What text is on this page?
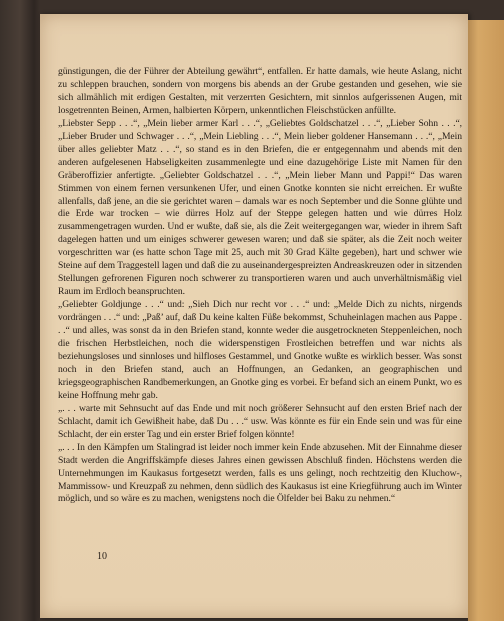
günstigungen, die der Führer der Abteilung gewährt“, entfallen. Er hatte damals, wie heute Aslang, nicht zu schleppen brauchen, sondern von morgens bis abends an der Grube gestanden und gesehen, wie sie sich allmählich mit erdigen Gestalten, mit verzerrten Gesichtern, mit sinnlos aufgerissenen Augen, mit losgetrennten Beinen, Armen, halbierten Körpern, unkenntlichen Fleischstücken anfüllte.

„Liebster Sepp . . .“, „Mein lieber armer Karl . . .“, „Geliebtes Goldschatzel . . .“, „Lieber Sohn . . .“, „Lieber Bruder und Schwager . . .“, „Mein Liebling . . .“, Mein lieber goldener Hansemann . . .“, „Mein über alles geliebter Matz . . .“, so stand es in den Briefen, die er entgegennahm und abends mit den anderen aufgelesenen Habseligkeiten zusammenlegte und eine dazugehörige Liste mit Namen für den Gräberoffizier anfertigte. „Geliebter Goldschatzel . . .“, „Mein lieber Mann und Pappi!“ Das waren Stimmen von einem fernen versunkenen Ufer, und einen Gnotke konnten sie nicht erreichen. Er wußte allenfalls, daß jene, an die sie gerichtet waren – damals war es noch September und die Sonne glühte und die Erde war trocken – wie dürres Holz auf der Steppe gelegen hatten und wie dürres Holz zusammengetragen wurden. Und er wußte, daß sie, als die Zeit weitergegangen war, wieder in ihrem Saft dagelegen hatten und um einiges schwerer gewesen waren; und daß sie später, als die Zeit noch weiter vorgeschritten war (es hatte schon Tage mit 25, auch mit 30 Grad Kälte gegeben), hart und schwer wie Steine auf dem Traggestell lagen und daß die zu auseinandergespreizten Andreaskreuzen oder in sitzenden Stellungen gefrorenen Figuren noch schwerer zu transportieren waren und auch unverhältnismäßig viel Raum im Erdloch beanspruchten.

„Geliebter Goldjunge . . .“ und: „Sieh Dich nur recht vor . . .“ und: „Melde Dich zu nichts, nirgends vordrängen . . .“ und: „Paß’ auf, daß Du keine kalten Füße bekommst, Schuheinlagen machen aus Pappe . . .“ und alles, was sonst da in den Briefen stand, konnte weder die ausgetrockneten Steppenleichen, noch die frischen Herbstleichen, noch die widerspenstigen Frostleichen betreffen und war nichts als beziehungsloses und sinnloses und hilfloses Gestammel, und Gnotke wußte es wirklich besser. Was sonst noch in den Briefen stand, auch an Hoffnungen, an Gedanken, an geographischen und kriegsgeographischen Randbemerkungen, an Gnotke ging es vorbei. Er befand sich an einem Punkt, wo es keine Hoffnung mehr gab.

„. . . warte mit Sehnsucht auf das Ende und mit noch größerer Sehnsucht auf den ersten Brief nach der Schlacht, damit ich Gewißheit habe, daß Du . . .“ usw. Was könnte es für ein Ende sein und was für eine Schlacht, der ein erster Tag und ein erster Brief folgen könnte!

„. . . In den Kämpfen um Stalingrad ist leider noch immer kein Ende abzusehen. Mit der Einnahme dieser Stadt werden die Angriffskämpfe dieses Jahres einen gewissen Abschluß finden. Höchstens werden die Unternehmungen im Kaukasus fortgesetzt werden, falls es uns gelingt, noch rechtzeitig den Kluchow-, Mammissow- und Kreuzpaß zu nehmen, denn südlich des Kaukasus ist eine Kriegführung auch im Winter möglich, und so wäre es zu machen, wenigstens noch die Ölfelder bei Baku zu nehmen.“

10
